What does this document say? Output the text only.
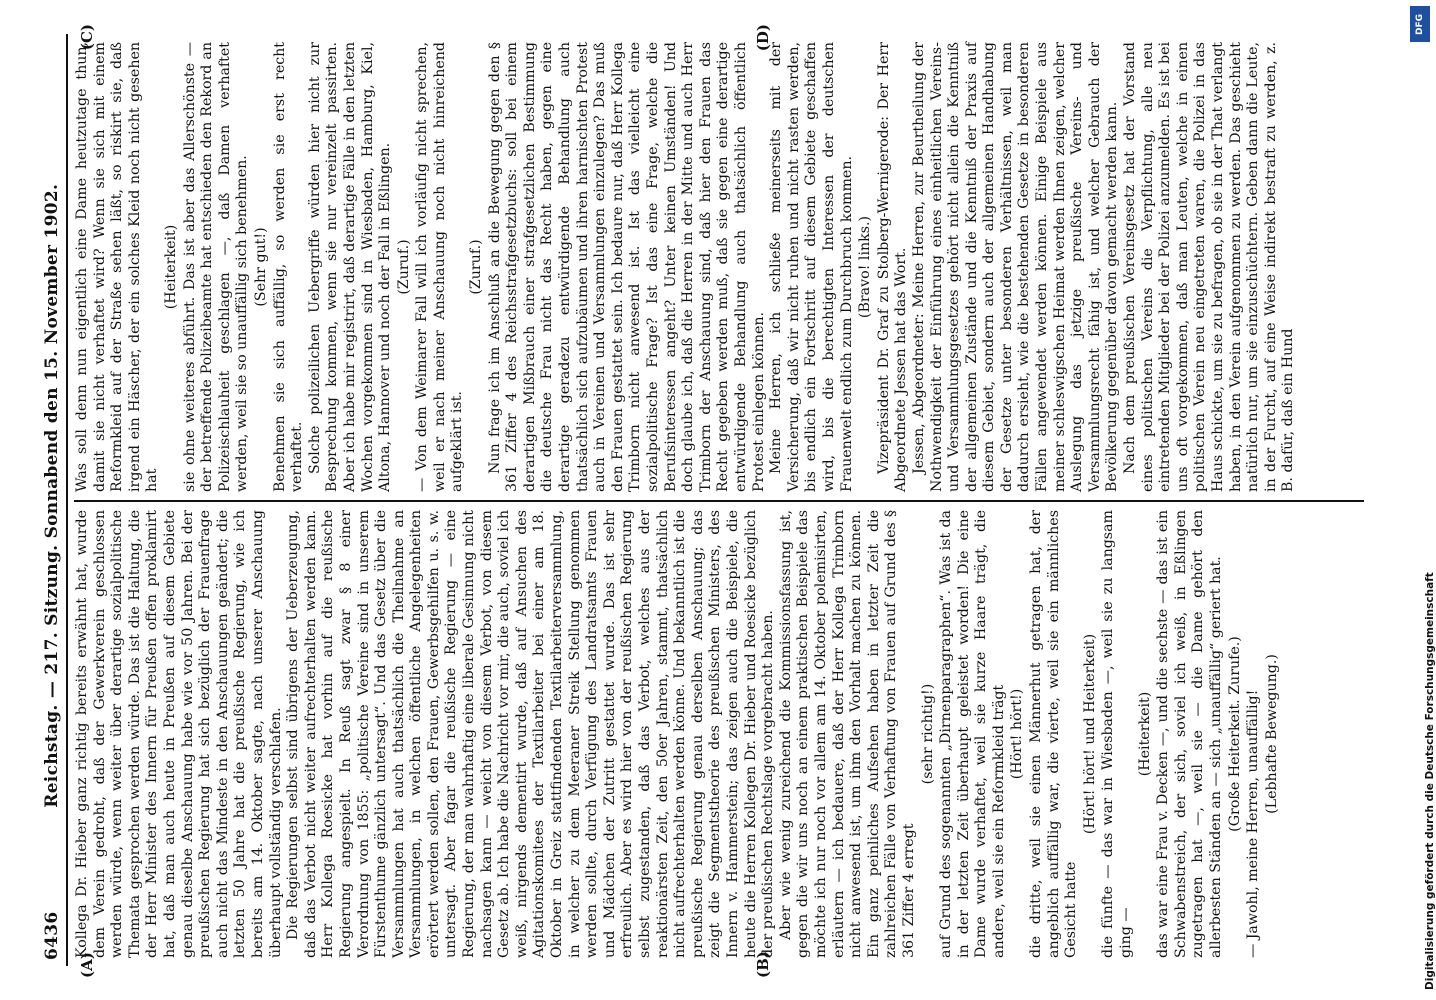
6436
Reichstag. — 217. Sitzung. Sonnabend den 15. November 1902.
(A)	(B)
(C)	(D)

Kollega Dr. Hieber ganz richtig bereits erwähnt hat, wurde dem Verein gedroht, daß der Gewerkverein geschlossen werden würde, wenn weiter über derartige sozialpolitische Themata gesprochen werden würde. Das ist die Haltung, die der Herr Minister des Innern für Preußen offen proklamirt hat, daß man auch heute in Preußen auf diesem Gebiete genau dieselbe Anschauung habe wie vor 50 Jahren. Bei der preußischen Regierung hat sich bezüglich der Frauenfrage auch nicht das Mindeste in den Anschauungen geändert; die letzten 50 Jahre hat die preußische Regierung, wie ich bereits am 14. Oktober sagte, nach unserer Anschauung überhaupt vollständig verschlafen. Die Regierungen selbst sind übrigens der Ueberzeugung, daß das Verbot nicht weiter aufrechterhalten werden kann. Herr Kollega Roesicke hat vorhin auf die reußische Regierung angespielt. In Reuß sagt zwar § 8 einer Verordnung von 1855: „politische Vereine sind in unserem Fürstenthume gänzlich untersagt“. Und das Gesetz über die Versammlungen hat auch thatsächlich die Theilnahme an Versammlungen, in welchen öffentliche Angelegenheiten erörtert werden sollen, den Frauen, Gewerbsgehilfen u. s. w. untersagt. Aber fagar die reußische Regierung — eine Regierung, der man wahrhaftig eine liberale Gesinnung nicht nachsagen kann — weicht von diesem Verbot, von diesem Gesetz ab. Ich habe die Nachricht vor mir, die auch, soviel ich weiß, nirgends dementirt wurde, daß auf Ansuchen des Agitationskomitees der Textilarbeiter bei einer am 18. Oktober in Greiz stattfindenden Textilarbeiterversammlung, in welcher zu dem Meeraner Streik Stellung genommen werden sollte, durch Verfügung des Landratsamts Frauen und Mädchen der Zutritt gestattet wurde. Das ist sehr erfreulich. Aber es wird hier von der reußischen Regierung selbst zugestanden, daß das Verbot, welches aus der reaktionärsten Zeit, den 50er Jahren, stammt, thatsächlich nicht aufrechterhalten werden könne. Und bekanntlich ist die preußische Regierung genau derselben Anschauung; das zeigt die Segmentstheorie des preußischen Ministers, des Innern v. Hammerstein; das zeigen auch die Beispiele, die heute die Herren Kollegen Dr. Hieber und Roesicke bezüglich der preußischen Rechtslage vorgebracht haben. Aber wie wenig zureichend die Kommissionsfassung ist, gegen die wir uns noch an einem praktischen Beispiele das möchte ich nur noch vor allem am 14. Oktober polemisirten, erläutern — ich bedauere, daß der Herr Kollega Trimborn nicht anwesend ist, um ihm den Vorhalt machen zu können. Ein ganz peinliches Aufsehen haben in letzter Zeit die zahlreichen Fälle von Verhaftung von Frauen auf Grund des § 361 Ziffer 4 erregt

(sehr richtig!) auf Grund des sogenannten „Dirnenparagraphen“. Was ist da in der letzten Zeit überhaupt geleistet worden! Die eine Dame wurde verhaftet, weil sie kurze Haare trägt, die andere, weil sie ein Reformkleid trägt (Hört! hört!) die dritte, weil sie einen Männerhut getragen hat, der angeblich auffällig war, die vierte, weil sie ein männliches Gesicht hatte

(Hört! hört! und Heiterkeit) die fünfte — das war in Wiesbaden —, weil sie zu langsam ging —

(Heiterkeit) das war eine Frau v. Decken —, und die sechste — das ist ein Schwabenstreich, der sich, soviel ich weiß, in Eßlingen zugetragen hat —, weil sie — die Dame gehört den allerbesten Ständen an — sich „unauffällig“ geriert hat. (Große Heiterkeit. Zurufe.) — Jawohl, meine Herren, unauffällig! (Lebhafte Bewegung.)

Was soll denn nun eigentlich eine Dame heutzutage thun, damit sie nicht verhaftet wird? Wenn sie sich mit einem Reformkleid auf der Straße sehen läßt, so riskirt sie, daß irgend ein Häscher, der ein solches Kleid noch nicht gesehen hat

(Heiterkeit) sie ohne weiteres abführt. Das ist aber das Allerschönste — der betreffende Polizeibeamte hat entschieden den Rekord an Polizeischlauheit geschlagen —, daß Damen verhaftet werden, weil sie so unauffällig sich benehmen. (Sehr gut!) Benehmen sie sich auffällig, so werden sie erst recht verhaftet. Solche polizeilichen Uebergriffe würden hier nicht zur Besprechung kommen, wenn sie nur vereinzelt passirten. Aber ich habe mir registrirt, daß derartige Fälle in den letzten Wochen vorgekommen sind in Wiesbaden, Hamburg, Kiel, Altona, Hannover und noch der Fall in Eßlingen. (Zuruf.) — Von dem Weimarer Fall will ich vorläufig nicht sprechen, weil er nach meiner Anschauung noch nicht hinreichend aufgeklärt ist.

(Zuruf.) Nun frage ich im Anschluß an die Bewegung gegen den § 361 Ziffer 4 des Reichsstrafgesetzbuchs: soll bei einem derartigen Mißbrauch einer strafgesetzlichen Bestimmung die deutsche Frau nicht das Recht haben, gegen eine derartige geradezu entwürdigende Behandlung auch thatsächlich sich aufzubäumen und ihren harnischten Protest auch in Vereinen und Versammlungen einzulegen? Das muß den Frauen gestattet sein. Ich bedaure nur, daß Herr Kollega Trimborn nicht anwesend ist. Ist das vielleicht eine sozialpolitische Frage? Ist das eine Frage, welche die Berufsinteressen angeht? Unter keinen Umständen! Und doch glaube ich, daß die Herren in der Mitte und auch Herr Trimborn der Anschauung sind, daß hier den Frauen das Recht gegeben werden muß, daß sie gegen eine derartige entwürdigende Behandlung auch thatsächlich öffentlich Protest einlegen können. Meine Herren, ich schließe meinerseits mit der Versicherung, daß wir nicht ruhen und nicht rasten werden, bis endlich ein Fortschritt auf diesem Gebiete geschaffen wird, bis die berechtigten Interessen der deutschen Frauenwelt endlich zum Durchbruch kommen. (Bravo! links.) Vizepräsident Dr. Graf zu Stolberg-Wernigerode: Der Herr Abgeordnete Jessen hat das Wort. Jessen, Abgeordneter: Meine Herren, zur Beurtheilung der Nothwendigkeit der Einführung eines einheitlichen Vereins- und Versammlungsgesetzes gehört nicht allein die Kenntniß der allgemeinen Zustände und die Kenntniß der Praxis auf diesem Gebiet, sondern auch der allgemeinen Handhabung der Gesetze unter besonderen Verhältnissen, weil man dadurch ersieht, wie die bestehenden Gesetze in besonderen Fällen angewendet werden können. Einige Beispiele aus meiner schleswigschen Heimat werden Ihnen zeigen, welcher Auslegung das jetzige preußische Vereins- und Versammlungsrecht fähig ist, und welcher Gebrauch der Bevölkerung gegenüber davon gemacht werden kann. Nach dem preußischen Vereinsgesetz hat der Vorstand eines politischen Vereins die Verpflichtung, alle neu eintretenden Mitglieder bei der Polizei anzumelden. Es ist bei uns oft vorgekommen, daß man Leuten, welche in einen politischen Verein neu eingetreten waren, die Polizei in das Haus schickte, um sie zu befragen, ob sie in der That verlangt haben, in den Verein aufgenommen zu werden. Das geschieht natürlich nur, um sie einzuschüchtern. Geben dann die Leute, in der Furcht, auf eine Weise indirekt bestraft zu werden, z. B. dafür, daß ein Hund

DFG
Digitalisierung gefördert durch die Deutsche Forschungsgemeinschaft
